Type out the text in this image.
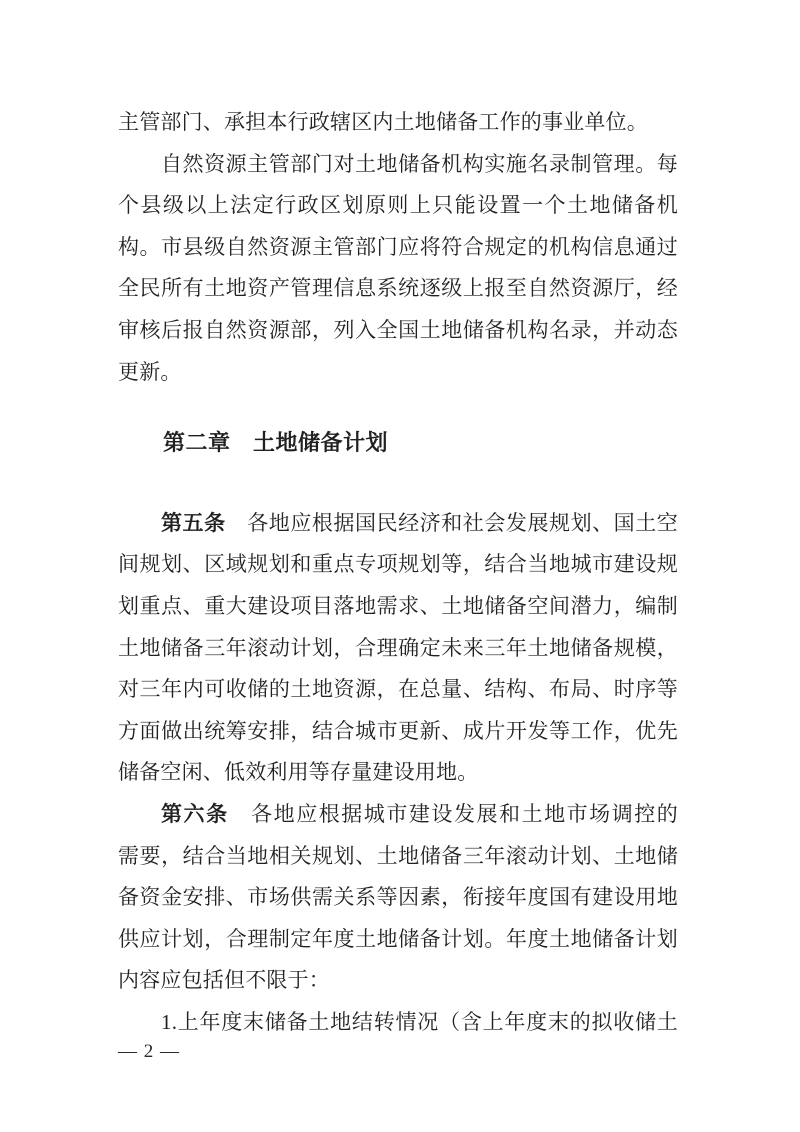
主管部门、承担本行政辖区内土地储备工作的事业单位。
自然资源主管部门对土地储备机构实施名录制管理。每
个县级以上法定行政区划原则上只能设置一个土地储备机
构。市县级自然资源主管部门应将符合规定的机构信息通过
全民所有土地资产管理信息系统逐级上报至自然资源厅，经
审核后报自然资源部，列入全国土地储备机构名录，并动态
更新。
第二章　土地储备计划
第五条　各地应根据国民经济和社会发展规划、国土空
间规划、区域规划和重点专项规划等，结合当地城市建设规
划重点、重大建设项目落地需求、土地储备空间潜力，编制
土地储备三年滚动计划，合理确定未来三年土地储备规模，
对三年内可收储的土地资源，在总量、结构、布局、时序等
方面做出统筹安排，结合城市更新、成片开发等工作，优先
储备空闲、低效利用等存量建设用地。
第六条　各地应根据城市建设发展和土地市场调控的
需要，结合当地相关规划、土地储备三年滚动计划、土地储
备资金安排、市场供需关系等因素，衔接年度国有建设用地
供应计划，合理制定年度土地储备计划。年度土地储备计划
内容应包括但不限于：
1.上年度末储备土地结转情况（含上年度末的拟收储土
— 2 —
